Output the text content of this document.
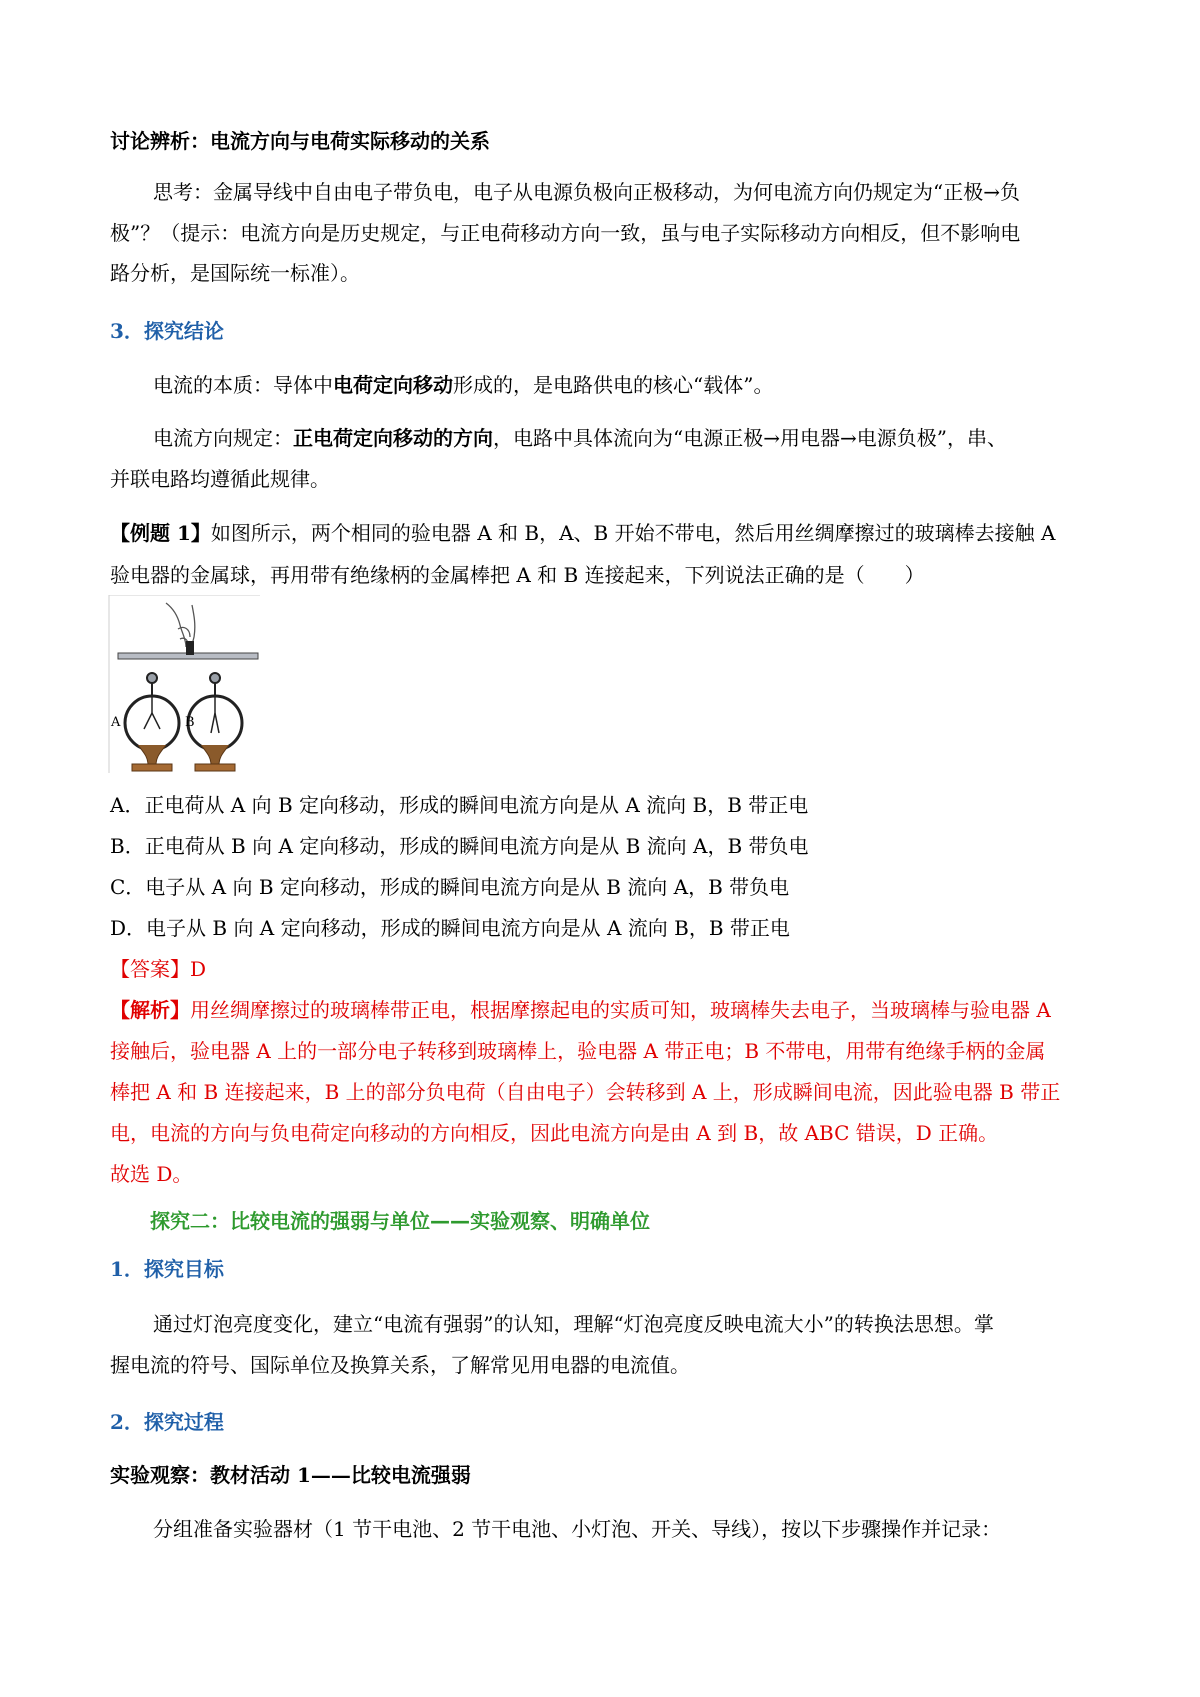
讨论辨析：电流方向与电荷实际移动的关系
思考：金属导线中自由电子带负电，电子从电源负极向正极移动，为何电流方向仍规定为“正极→负
极”？（提示：电流方向是历史规定，与正电荷移动方向一致，虽与电子实际移动方向相反，但不影响电
路分析，是国际统一标准）。
3．探究结论
电流的本质：导体中电荷定向移动形成的，是电路供电的核心“载体”。
电流方向规定：正电荷定向移动的方向，电路中具体流向为“电源正极→用电器→电源负极”，串、
并联电路均遵循此规律。
【例题 1】如图所示，两个相同的验电器 A 和 B，A、B 开始不带电，然后用丝绸摩擦过的玻璃棒去接触 A
验电器的金属球，再用带有绝缘柄的金属棒把 A 和 B 连接起来，下列说法正确的是（　　）
A	B
A．正电荷从 A 向 B 定向移动，形成的瞬间电流方向是从 A 流向 B，B 带正电
B．正电荷从 B 向 A 定向移动，形成的瞬间电流方向是从 B 流向 A，B 带负电
C．电子从 A 向 B 定向移动，形成的瞬间电流方向是从 B 流向 A，B 带负电
D．电子从 B 向 A 定向移动，形成的瞬间电流方向是从 A 流向 B，B 带正电
【答案】D
【解析】用丝绸摩擦过的玻璃棒带正电，根据摩擦起电的实质可知，玻璃棒失去电子，当玻璃棒与验电器 A
接触后，验电器 A 上的一部分电子转移到玻璃棒上，验电器 A 带正电；B 不带电，用带有绝缘手柄的金属
棒把 A 和 B 连接起来，B 上的部分负电荷（自由电子）会转移到 A 上，形成瞬间电流，因此验电器 B 带正
电，电流的方向与负电荷定向移动的方向相反，因此电流方向是由 A 到 B，故 ABC 错误，D 正确。
故选 D。
探究二：比较电流的强弱与单位——实验观察、明确单位
1．探究目标
通过灯泡亮度变化，建立“电流有强弱”的认知，理解“灯泡亮度反映电流大小”的转换法思想。掌
握电流的符号、国际单位及换算关系，了解常见用电器的电流值。
2．探究过程
实验观察：教材活动 1——比较电流强弱
分组准备实验器材（1 节干电池、2 节干电池、小灯泡、开关、导线），按以下步骤操作并记录：
